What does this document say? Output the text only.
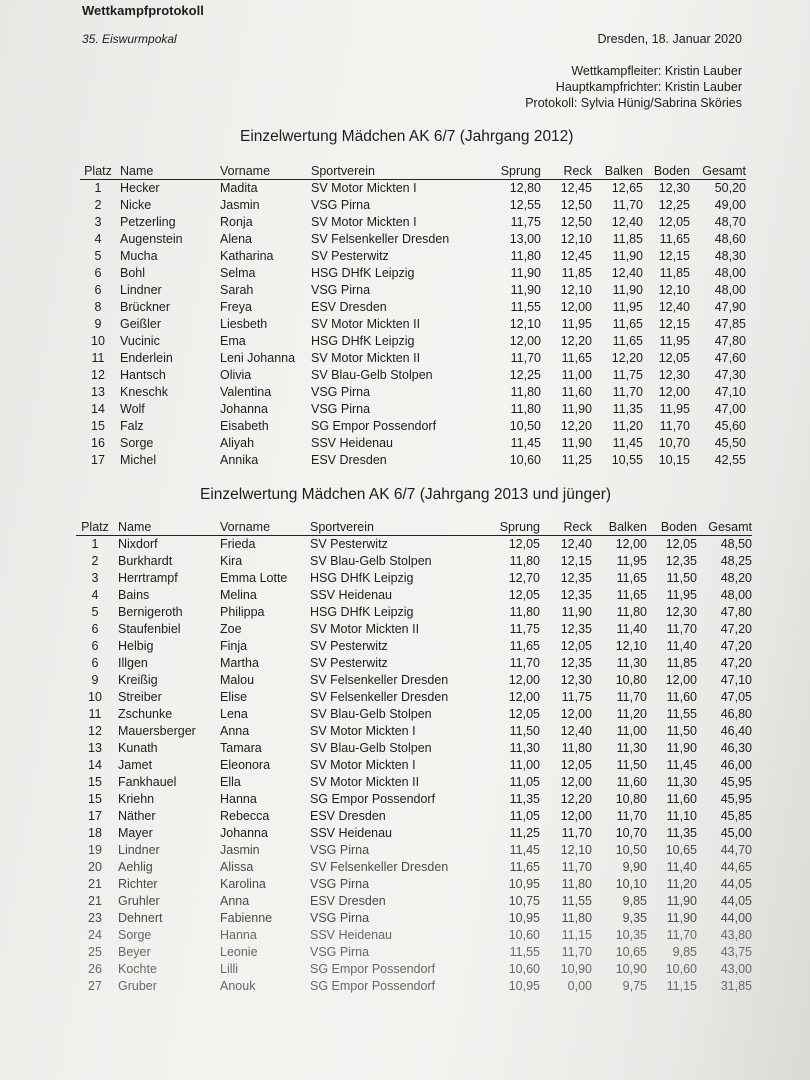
Wettkampfprotokoll
35. Eiswurmpokal	Dresden, 18. Januar 2020
Wettkampfleiter: Kristin Lauber
Hauptkampfrichter: Kristin Lauber
Protokoll: Sylvia Hünig/Sabrina Sköries
Einzelwertung Mädchen AK 6/7 (Jahrgang 2012)
Platz	Name	Vorname	Sportverein	Sprung	Reck	Balken	Boden	Gesamt
1	Hecker	Madita	SV Motor Mickten I	12,80	12,45	12,65	12,30	50,20
2	Nicke	Jasmin	VSG Pirna	12,55	12,50	11,70	12,25	49,00
3	Petzerling	Ronja	SV Motor Mickten I	11,75	12,50	12,40	12,05	48,70
4	Augenstein	Alena	SV Felsenkeller Dresden	13,00	12,10	11,85	11,65	48,60
5	Mucha	Katharina	SV Pesterwitz	11,80	12,45	11,90	12,15	48,30
6	Bohl	Selma	HSG DHfK Leipzig	11,90	11,85	12,40	11,85	48,00
6	Lindner	Sarah	VSG Pirna	11,90	12,10	11,90	12,10	48,00
8	Brückner	Freya	ESV Dresden	11,55	12,00	11,95	12,40	47,90
9	Geißler	Liesbeth	SV Motor Mickten II	12,10	11,95	11,65	12,15	47,85
10	Vucinic	Ema	HSG DHfK Leipzig	12,00	12,20	11,65	11,95	47,80
11	Enderlein	Leni Johanna	SV Motor Mickten II	11,70	11,65	12,20	12,05	47,60
12	Hantsch	Olivia	SV Blau-Gelb Stolpen	12,25	11,00	11,75	12,30	47,30
13	Kneschk	Valentina	VSG Pirna	11,80	11,60	11,70	12,00	47,10
14	Wolf	Johanna	VSG Pirna	11,80	11,90	11,35	11,95	47,00
15	Falz	Eisabeth	SG Empor Possendorf	10,50	12,20	11,20	11,70	45,60
16	Sorge	Aliyah	SSV Heidenau	11,45	11,90	11,45	10,70	45,50
17	Michel	Annika	ESV Dresden	10,60	11,25	10,55	10,15	42,55
Einzelwertung Mädchen AK 6/7 (Jahrgang 2013 und jünger)
Platz	Name	Vorname	Sportverein	Sprung	Reck	Balken	Boden	Gesamt
1	Nixdorf	Frieda	SV Pesterwitz	12,05	12,40	12,00	12,05	48,50
2	Burkhardt	Kira	SV Blau-Gelb Stolpen	11,80	12,15	11,95	12,35	48,25
3	Herrtrampf	Emma Lotte	HSG DHfK Leipzig	12,70	12,35	11,65	11,50	48,20
4	Bains	Melina	SSV Heidenau	12,05	12,35	11,65	11,95	48,00
5	Bernigeroth	Philippa	HSG DHfK Leipzig	11,80	11,90	11,80	12,30	47,80
6	Staufenbiel	Zoe	SV Motor Mickten II	11,75	12,35	11,40	11,70	47,20
6	Helbig	Finja	SV Pesterwitz	11,65	12,05	12,10	11,40	47,20
6	Illgen	Martha	SV Pesterwitz	11,70	12,35	11,30	11,85	47,20
9	Kreißig	Malou	SV Felsenkeller Dresden	12,00	12,30	10,80	12,00	47,10
10	Streiber	Elise	SV Felsenkeller Dresden	12,00	11,75	11,70	11,60	47,05
11	Zschunke	Lena	SV Blau-Gelb Stolpen	12,05	12,00	11,20	11,55	46,80
12	Mauersberger	Anna	SV Motor Mickten I	11,50	12,40	11,00	11,50	46,40
13	Kunath	Tamara	SV Blau-Gelb Stolpen	11,30	11,80	11,30	11,90	46,30
14	Jamet	Eleonora	SV Motor Mickten I	11,00	12,05	11,50	11,45	46,00
15	Fankhauel	Ella	SV Motor Mickten II	11,05	12,00	11,60	11,30	45,95
15	Kriehn	Hanna	SG Empor Possendorf	11,35	12,20	10,80	11,60	45,95
17	Näther	Rebecca	ESV Dresden	11,05	12,00	11,70	11,10	45,85
18	Mayer	Johanna	SSV Heidenau	11,25	11,70	10,70	11,35	45,00
19	Lindner	Jasmin	VSG Pirna	11,45	12,10	10,50	10,65	44,70
20	Aehlig	Alissa	SV Felsenkeller Dresden	11,65	11,70	9,90	11,40	44,65
21	Richter	Karolina	VSG Pirna	10,95	11,80	10,10	11,20	44,05
21	Gruhler	Anna	ESV Dresden	10,75	11,55	9,85	11,90	44,05
23	Dehnert	Fabienne	VSG Pirna	10,95	11,80	9,35	11,90	44,00
24	Sorge	Hanna	SSV Heidenau	10,60	11,15	10,35	11,70	43,80
25	Beyer	Leonie	VSG Pirna	11,55	11,70	10,65	9,85	43,75
26	Kochte	Lilli	SG Empor Possendorf	10,60	10,90	10,90	10,60	43,00
27	Gruber	Anouk	SG Empor Possendorf	10,95	0,00	9,75	11,15	31,85
